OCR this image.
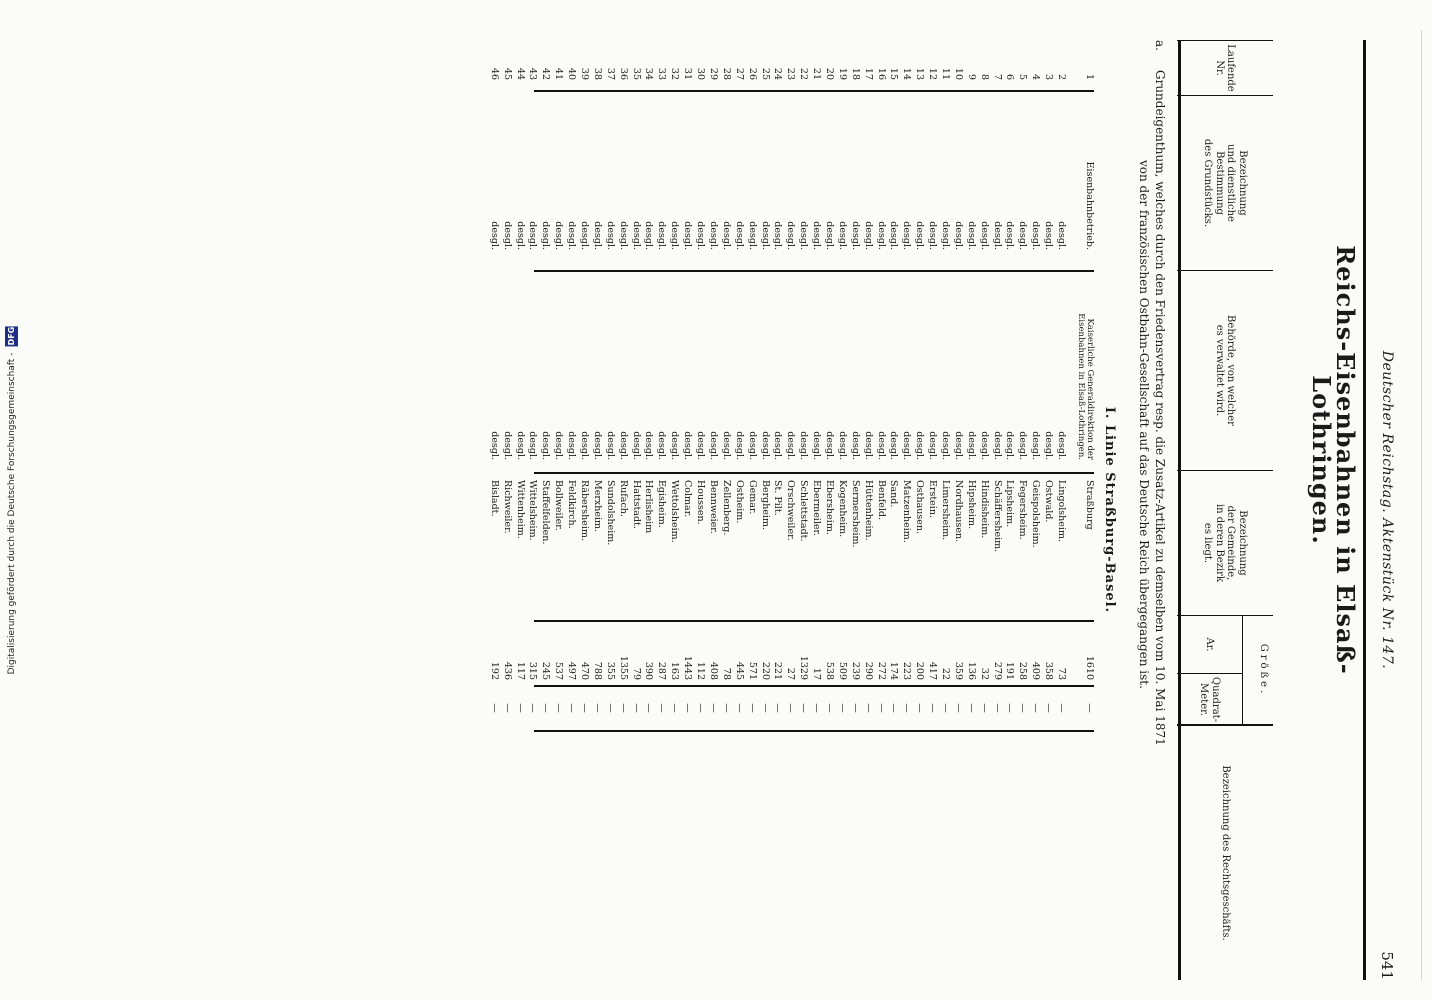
Digitalisierung gefördert durch die Deutsche Forschungsgemeinschaft - DFG
Deutscher Reichstag. Aktenstück Nr. 147.
541
Reichs-Eisenbahnen in Elsaß-Lothringen.
Laufende Nr.
Bezeichnung
und dienstliche
Bestimmung
des Grundstücks.
Behörde, von welcher
es verwaltet wird.
Bezeichnung
der Gemeinde,
in deren Bezirk
es liegt.
Größe.
Ar.
Quadrat-
Meter.
Bezeichnung des Rechtsgeschäfts.
a.Grundeigenthum, welches durch den Friedensvertrag resp. die Zusatz-Artikel zu demselben vom 10. Mai 1871
von der französischen Ostbahn-Gesellschaft auf das Deutsche Reich übergegangen ist.
I. Linie Straßburg-Basel.
1
Eisenbahnbetrieb.
Kaiserliche Generaldirektion der Eisenbahnen in Elsaß-Lothringen.
Straßburg
1610
—
2
desgl.
desgl.
Lingolsheim.
73
—
3
desgl.
desgl.
Ostwald.
358
—
4
desgl.
desgl.
Geispolsheim.
409
—
5
desgl.
desgl.
Fegersheim.
258
—
6
desgl.
desgl.
Lipsheim.
191
—
7
desgl.
desgl.
Schäffersheim.
279
—
8
desgl.
desgl.
Hindisheim.
32
—
9
desgl.
desgl.
Hipsheim.
136
—
10
desgl.
desgl.
Nordhausen.
359
—
11
desgl.
desgl.
Limersheim.
22
—
12
desgl.
desgl.
Erstein.
417
—
13
desgl.
desgl.
Osthausen.
200
—
14
desgl.
desgl.
Matzenheim.
223
—
15
desgl.
desgl.
Sand.
174
—
16
desgl.
desgl.
Benfeld.
272
—
17
desgl.
desgl.
Hüttenheim.
290
—
18
desgl.
desgl.
Sermersheim.
239
—
19
desgl.
desgl.
Kogenheim.
509
—
20
desgl.
desgl.
Ebersheim.
538
—
21
desgl.
desgl.
Ebermeiler.
17
—
22
desgl.
desgl.
Schlettstadt.
1329
—
23
desgl.
desgl.
Orschweiler.
27
—
24
desgl.
desgl.
St. Pilt.
221
—
25
desgl.
desgl.
Bergheim.
220
—
26
desgl.
desgl.
Gemar.
571
—
27
desgl.
desgl.
Ostheim.
445
—
28
desgl.
desgl.
Zellenberg.
78
—
29
desgl.
desgl.
Bennweier.
408
—
30
desgl.
desgl.
Houssen.
112
—
31
desgl.
desgl.
Colmar.
1443
—
32
desgl.
desgl.
Wettolsheim.
163
—
33
desgl.
desgl.
Egisheim.
287
—
34
desgl.
desgl.
Herlisheim
390
—
35
desgl.
desgl.
Hattstadt.
79
—
36
desgl.
desgl.
Rufach.
1355
—
37
desgl.
desgl.
Sundolsheim.
355
—
38
desgl.
desgl.
Merxheim.
788
—
39
desgl.
desgl.
Räbersheim.
470
—
40
desgl.
desgl.
Feldkirch.
497
—
41
desgl.
desgl.
Bollweiler.
537
—
42
desgl.
desgl.
Staffelfelden.
245
—
43
desgl.
desgl.
Wittelsheim.
315
—
44
desgl.
desgl.
Wittenheim.
117
—
45
desgl.
desgl.
Richweiler.
436
—
46
desgl.
desgl.
Bisladt.
192
—
